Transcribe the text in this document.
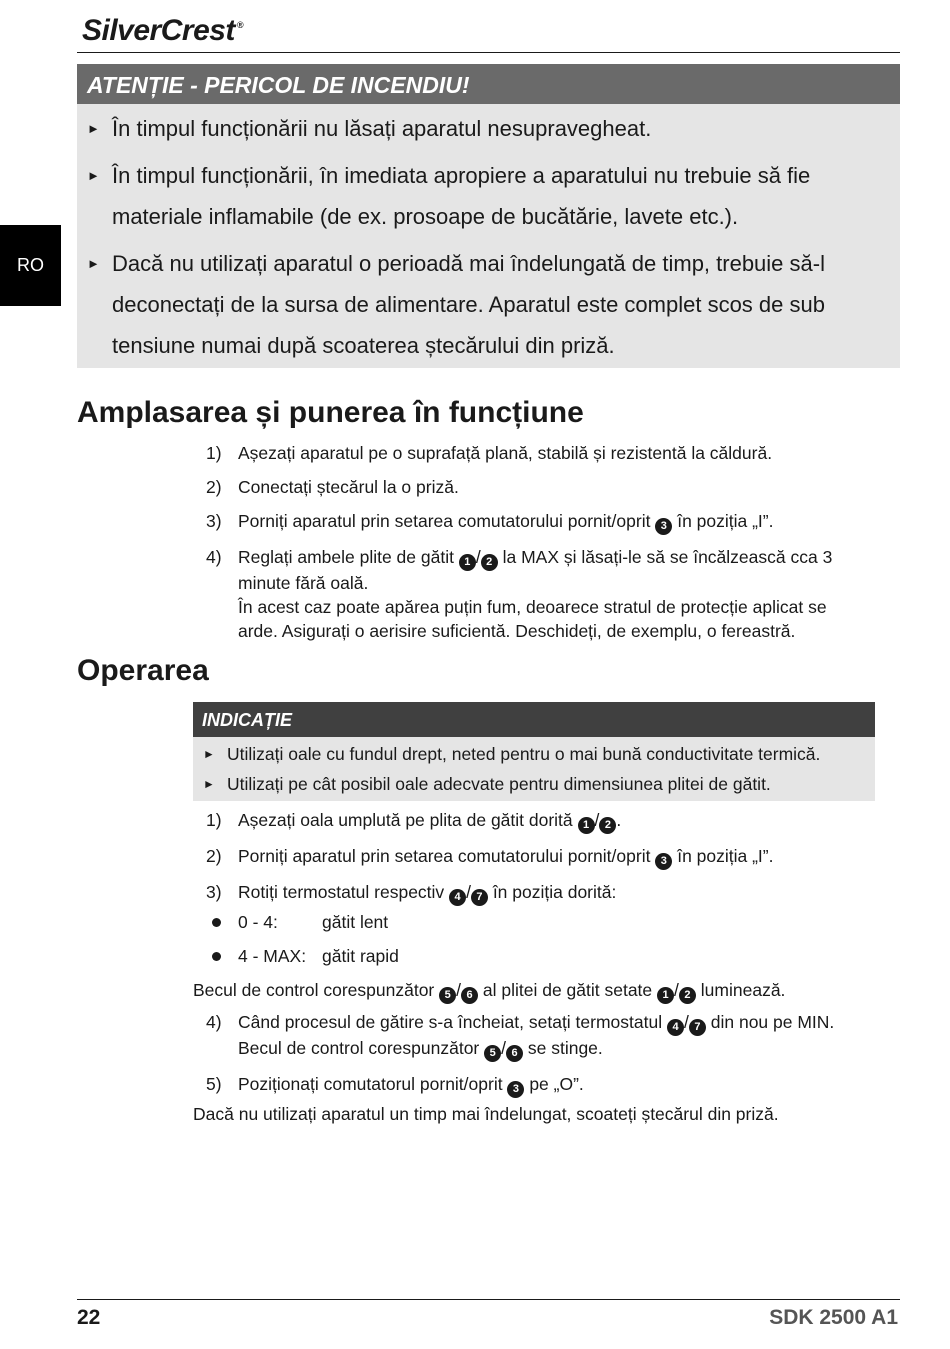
SilverCrest ®
RO
ATENȚIE - PERICOL DE INCENDIU!
► În timpul funcționării nu lăsați aparatul nesupravegheat.
► În timpul funcționării, în imediata apropiere a aparatului nu trebuie să fie materiale inflamabile (de ex. prosoape de bucătărie, lavete etc.).
► Dacă nu utilizați aparatul o perioadă mai îndelungată de timp, trebuie să-l deconectați de la sursa de alimentare. Aparatul este complet scos de sub tensiune numai după scoaterea ștecărului din priză.
Amplasarea și punerea în funcțiune
1) Așezați aparatul pe o suprafață plană, stabilă și rezistentă la căldură.
2) Conectați ștecărul la o priză.
3) Porniți aparatul prin setarea comutatorului pornit/oprit 3 în poziția „I”.
4) Reglați ambele plite de gătit 1 / 2 la MAX și lăsați-le să se încălzească cca 3 minute fără oală.
În acest caz poate apărea puțin fum, deoarece stratul de protecție aplicat se arde. Asigurați o aerisire suficientă. Deschideți, de exemplu, o fereastră.
Operarea
INDICAȚIE
► Utilizați oale cu fundul drept, neted pentru o mai bună conductivitate termică.
► Utilizați pe cât posibil oale adecvate pentru dimensiunea plitei de gătit.
1) Așezați oala umplută pe plita de gătit dorită 1 / 2 .
2) Porniți aparatul prin setarea comutatorului pornit/oprit 3 în poziția „I”.
3) Rotiți termostatul respectiv 4 / 7 în poziția dorită:
0 - 4:	gătit lent
4 - MAX: gătit rapid
Becul de control corespunzător 5 / 6 al plitei de gătit setate 1 / 2 luminează.
4) Când procesul de gătire s-a încheiat, setați termostatul 4 / 7 din nou pe MIN. Becul de control corespunzător 5 / 6 se stinge.
5) Poziționați comutatorul pornit/oprit 3 pe „O”.
Dacă nu utilizați aparatul un timp mai îndelungat, scoateți ștecărul din priză.
22	SDK 2500 A1
